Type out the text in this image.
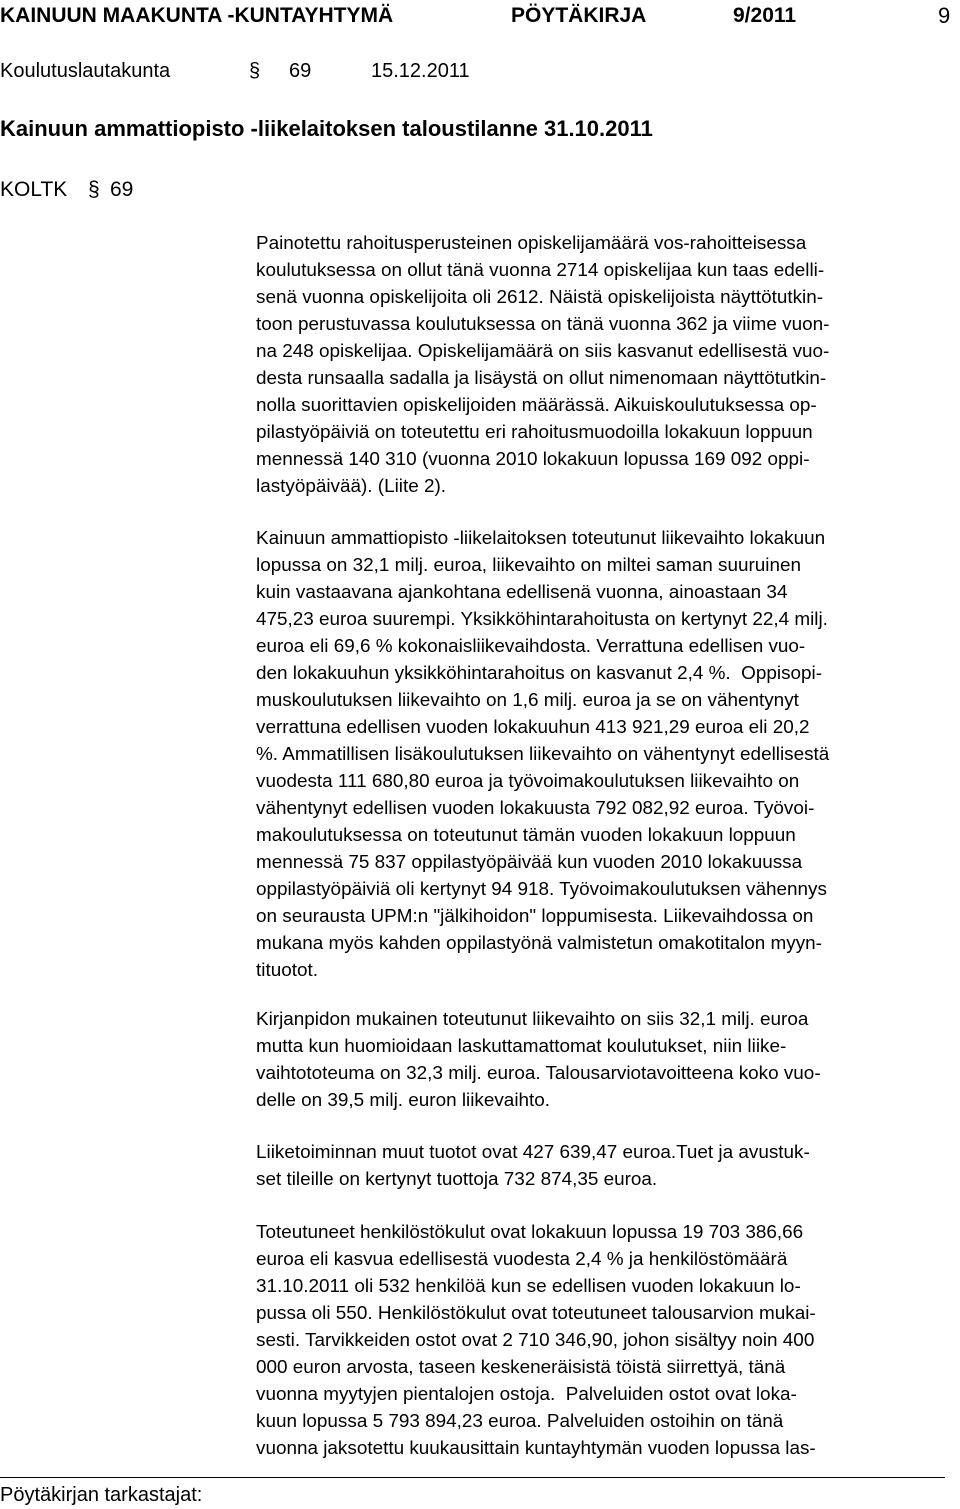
KAINUUN MAAKUNTA -KUNTAYHTYMÄ	PÖYTÄKIRJA	9/2011	9
Koulutuslautakunta	§ 69	15.12.2011
Kainuun ammattiopisto -liikelaitoksen taloustilanne 31.10.2011
KOLTK § 69
Painotettu rahoitusperusteinen opiskelijamäärä vos-rahoitteisessa
koulutuksessa on ollut tänä vuonna 2714 opiskelijaa kun taas edelli-
senä vuonna opiskelijoita oli 2612. Näistä opiskelijoista näyttötutkin-
toon perustuvassa koulutuksessa on tänä vuonna 362 ja viime vuon-
na 248 opiskelijaa. Opiskelijamäärä on siis kasvanut edellisestä vuo-
desta runsaalla sadalla ja lisäystä on ollut nimenomaan näyttötutkin-
nolla suorittavien opiskelijoiden määrässä. Aikuiskoulutuksessa op-
pilastyöpäiviä on toteutettu eri rahoitusmuodoilla lokakuun loppuun
mennessä 140 310 (vuonna 2010 lokakuun lopussa 169 092 oppi-
lastyöpäivää). (Liite 2).
Kainuun ammattiopisto -liikelaitoksen toteutunut liikevaihto lokakuun
lopussa on 32,1 milj. euroa, liikevaihto on miltei saman suuruinen
kuin vastaavana ajankohtana edellisenä vuonna, ainoastaan 34
475,23 euroa suurempi. Yksikköhintarahoitusta on kertynyt 22,4 milj.
euroa eli 69,6 % kokonaisliikevaihdosta. Verrattuna edellisen vuo-
den lokakuuhun yksikköhintarahoitus on kasvanut 2,4 %.  Oppisopi-
muskoulutuksen liikevaihto on 1,6 milj. euroa ja se on vähentynyt
verrattuna edellisen vuoden lokakuuhun 413 921,29 euroa eli 20,2
%. Ammatillisen lisäkoulutuksen liikevaihto on vähentynyt edellisestä
vuodesta 111 680,80 euroa ja työvoimakoulutuksen liikevaihto on
vähentynyt edellisen vuoden lokakuusta 792 082,92 euroa. Työvoi-
makoulutuksessa on toteutunut tämän vuoden lokakuun loppuun
mennessä 75 837 oppilastyöpäivää kun vuoden 2010 lokakuussa
oppilastyöpäiviä oli kertynyt 94 918. Työvoimakoulutuksen vähennys
on seurausta UPM:n "jälkihoidon" loppumisesta. Liikevaihdossa on
mukana myös kahden oppilastyönä valmistetun omakotitalon myyn-
tituotot.
Kirjanpidon mukainen toteutunut liikevaihto on siis 32,1 milj. euroa
mutta kun huomioidaan laskuttamattomat koulutukset, niin liike-
vaihtototeuma on 32,3 milj. euroa. Talousarviotavoitteena koko vuo-
delle on 39,5 milj. euron liikevaihto.
Liiketoiminnan muut tuotot ovat 427 639,47 euroa.Tuet ja avustuk-
set tileille on kertynyt tuottoja 732 874,35 euroa.
Toteutuneet henkilöstökulut ovat lokakuun lopussa 19 703 386,66
euroa eli kasvua edellisestä vuodesta 2,4 % ja henkilöstömäärä
31.10.2011 oli 532 henkilöä kun se edellisen vuoden lokakuun lo-
pussa oli 550. Henkilöstökulut ovat toteutuneet talousarvion mukai-
sesti. Tarvikkeiden ostot ovat 2 710 346,90, johon sisältyy noin 400
000 euron arvosta, taseen keskeneräisistä töistä siirrettyä, tänä
vuonna myytyjen pientalojen ostoja.  Palveluiden ostot ovat loka-
kuun lopussa 5 793 894,23 euroa. Palveluiden ostoihin on tänä
vuonna jaksotettu kuukausittain kuntayhtymän vuoden lopussa las-
Pöytäkirjan tarkastajat:
